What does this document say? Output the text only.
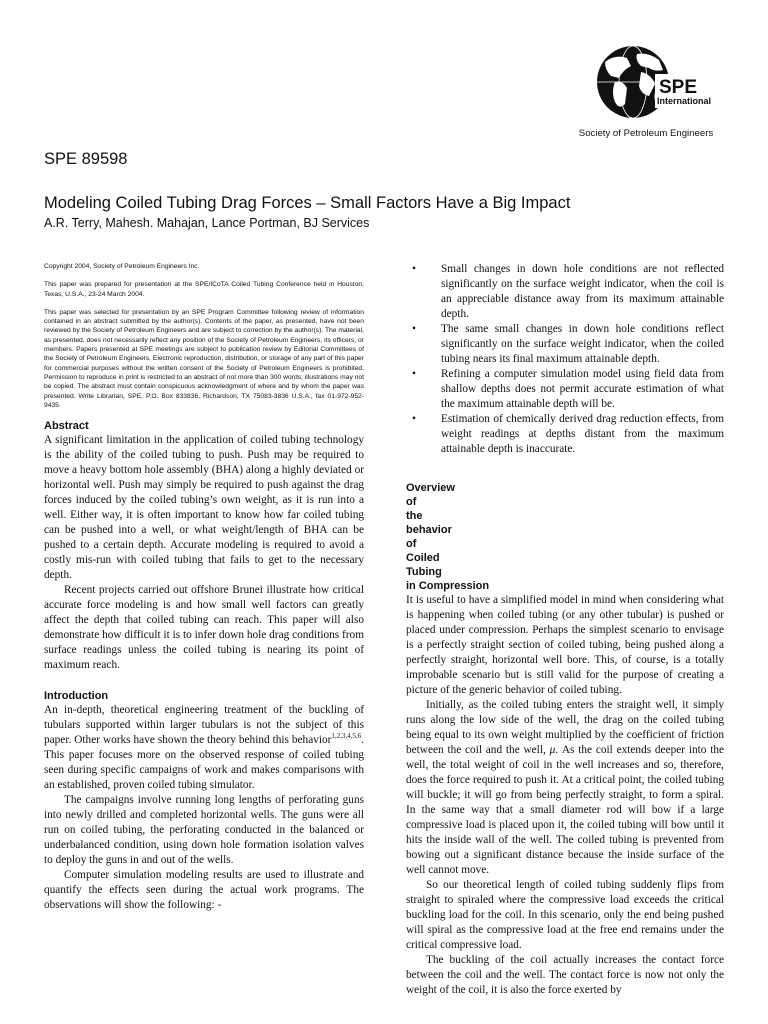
SPE
International
Society of Petroleum Engineers
SPE 89598
Modeling Coiled Tubing Drag Forces – Small Factors Have a Big Impact
A.R. Terry, Mahesh. Mahajan, Lance Portman, BJ Services

Copyright 2004, Society of Petroleum Engineers Inc.

This paper was prepared for presentation at the SPE/ICoTA Coiled Tubing Conference held in Houston, Texas, U.S.A., 23-24 March 2004.

This paper was selected for presentation by an SPE Program Committee following review of information contained in an abstract submitted by the author(s). Contents of the paper, as presented, have not been reviewed by the Society of Petroleum Engineers and are subject to correction by the author(s). The material, as presented, does not necessarily reflect any position of the Society of Petroleum Engineers, its officers, or members. Papers presented at SPE meetings are subject to publication review by Editorial Committees of the Society of Petroleum Engineers. Electronic reproduction, distribution, or storage of any part of this paper for commercial purposes without the written consent of the Society of Petroleum Engineers is prohibited. Permission to reproduce in print is restricted to an abstract of not more than 300 words; illustrations may not be copied. The abstract must contain conspicuous acknowledgment of where and by whom the paper was presented. Write Librarian, SPE, P.O. Box 833836, Richardson, TX 75083-3836 U.S.A., fax 01-972-952-9435.

Abstract

A significant limitation in the application of coiled tubing technology is the ability of the coiled tubing to push. Push may be required to move a heavy bottom hole assembly (BHA) along a highly deviated or horizontal well. Push may simply be required to push against the drag forces induced by the coiled tubing’s own weight, as it is run into a well. Either way, it is often important to know how far coiled tubing can be pushed into a well, or what weight/length of BHA can be pushed to a certain depth. Accurate modeling is required to avoid a costly mis-run with coiled tubing that fails to get to the necessary depth.

Recent projects carried out offshore Brunei illustrate how critical accurate force modeling is and how small well factors can greatly affect the depth that coiled tubing can reach. This paper will also demonstrate how difficult it is to infer down hole drag conditions from surface readings unless the coiled tubing is nearing its point of maximum reach.

Introduction

An in-depth, theoretical engineering treatment of the buckling of tubulars supported within larger tubulars is not the subject of this paper. Other works have shown the theory behind this behavior$^{1,2,3,4,5,6}$. This paper focuses more on the observed response of coiled tubing seen during specific campaigns of work and makes comparisons with an established, proven coiled tubing simulator.

The campaigns involve running long lengths of perforating guns into newly drilled and completed horizontal wells. The guns were all run on coiled tubing, the perforating conducted in the balanced or underbalanced condition, using down hole formation isolation valves to deploy the guns in and out of the wells.

Computer simulation modeling results are used to illustrate and quantify the effects seen during the actual work programs. The observations will show the following: -

• Small changes in down hole conditions are not reflected significantly on the surface weight indicator, when the coil is an appreciable distance away from its maximum attainable depth.
• The same small changes in down hole conditions reflect significantly on the surface weight indicator, when the coiled tubing nears its final maximum attainable depth.
• Refining a computer simulation model using field data from shallow depths does not permit accurate estimation of what the maximum attainable depth will be.
• Estimation of chemically derived drag reduction effects, from weight readings at depths distant from the maximum attainable depth is inaccurate.
Overview
of
the
behavior
of
Coiled
Tubing
in Compression

It is useful to have a simplified model in mind when considering what is happening when coiled tubing (or any other tubular) is pushed or placed under compression. Perhaps the simplest scenario to envisage is a perfectly straight section of coiled tubing, being pushed along a perfectly straight, horizontal well bore. This, of course, is a totally improbable scenario but is still valid for the purpose of creating a picture of the generic behavior of coiled tubing.

Initially, as the coiled tubing enters the straight well, it simply runs along the low side of the well, the drag on the coiled tubing being equal to its own weight multiplied by the coefficient of friction between the coil and the well, μ. As the coil extends deeper into the well, the total weight of coil in the well increases and so, therefore, does the force required to push it. At a critical point, the coiled tubing will buckle; it will go from being perfectly straight, to form a spiral. In the same way that a small diameter rod will bow if a large compressive load is placed upon it, the coiled tubing will bow until it hits the inside wall of the well. The coiled tubing is prevented from bowing out a significant distance because the inside surface of the well cannot move.

So our theoretical length of coiled tubing suddenly flips from straight to spiraled where the compressive load exceeds the critical buckling load for the coil. In this scenario, only the end being pushed will spiral as the compressive load at the free end remains under the critical compressive load.

The buckling of the coil actually increases the contact force between the coil and the well. The contact force is now not only the weight of the coil, it is also the force exerted by
